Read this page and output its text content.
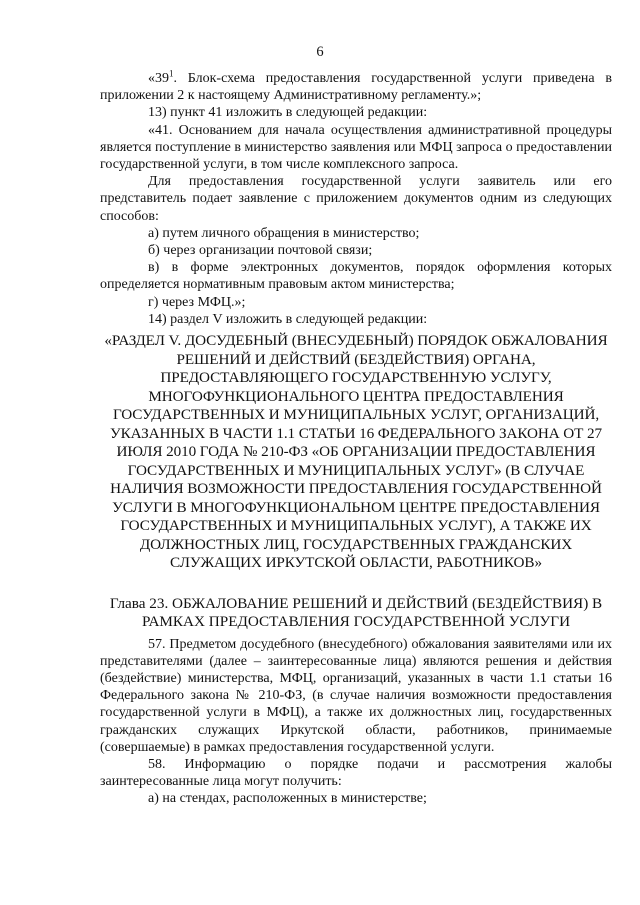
6

«$39^1$. Блок-схема предоставления государственной услуги приведена в приложении 2 к настоящему Административному регламенту.»;

13) пункт 41 изложить в следующей редакции:

«41. Основанием для начала осуществления административной процедуры является поступление в министерство заявления или МФЦ запроса о предоставлении государственной услуги, в том числе комплексного запроса.

Для предоставления государственной услуги заявитель или его представитель подает заявление с приложением документов одним из следующих способов:

а) путем личного обращения в министерство;

б) через организации почтовой связи;

в) в форме электронных документов, порядок оформления которых определяется нормативным правовым актом министерства;

г) через МФЦ.»;

14) раздел V изложить в следующей редакции:

«РАЗДЕЛ V. ДОСУДЕБНЫЙ (ВНЕСУДЕБНЫЙ) ПОРЯДОК ОБЖАЛОВАНИЯ РЕШЕНИЙ И ДЕЙСТВИЙ (БЕЗДЕЙСТВИЯ) ОРГАНА, ПРЕДОСТАВЛЯЮЩЕГО ГОСУДАРСТВЕННУЮ УСЛУГУ, МНОГОФУНКЦИОНАЛЬНОГО ЦЕНТРА ПРЕДОСТАВЛЕНИЯ ГОСУДАРСТВЕННЫХ И МУНИЦИПАЛЬНЫХ УСЛУГ, ОРГАНИЗАЦИЙ, УКАЗАННЫХ В ЧАСТИ 1.1 СТАТЬИ 16 ФЕДЕРАЛЬНОГО ЗАКОНА ОТ 27 ИЮЛЯ 2010 ГОДА № 210-ФЗ «ОБ ОРГАНИЗАЦИИ ПРЕДОСТАВЛЕНИЯ ГОСУДАРСТВЕННЫХ И МУНИЦИПАЛЬНЫХ УСЛУГ» (В СЛУЧАЕ НАЛИЧИЯ ВОЗМОЖНОСТИ ПРЕДОСТАВЛЕНИЯ ГОСУДАРСТВЕННОЙ УСЛУГИ В МНОГОФУНКЦИОНАЛЬНОМ ЦЕНТРЕ ПРЕДОСТАВЛЕНИЯ ГОСУДАРСТВЕННЫХ И МУНИЦИПАЛЬНЫХ УСЛУГ), А ТАКЖЕ ИХ ДОЛЖНОСТНЫХ ЛИЦ, ГОСУДАРСТВЕННЫХ ГРАЖДАНСКИХ СЛУЖАЩИХ ИРКУТСКОЙ ОБЛАСТИ, РАБОТНИКОВ»

Глава 23. ОБЖАЛОВАНИЕ РЕШЕНИЙ И ДЕЙСТВИЙ (БЕЗДЕЙСТВИЯ) В РАМКАХ ПРЕДОСТАВЛЕНИЯ ГОСУДАРСТВЕННОЙ УСЛУГИ

57. Предметом досудебного (внесудебного) обжалования заявителями или их представителями (далее – заинтересованные лица) являются решения и действия (бездействие) министерства, МФЦ, организаций, указанных в части 1.1 статьи 16 Федерального закона № 210-ФЗ, (в случае наличия возможности предоставления государственной услуги в МФЦ), а также их должностных лиц, государственных гражданских служащих Иркутской области, работников, принимаемые (совершаемые) в рамках предоставления государственной услуги.

58. Информацию о порядке подачи и рассмотрения жалобы заинтересованные лица могут получить:

а) на стендах, расположенных в министерстве;
